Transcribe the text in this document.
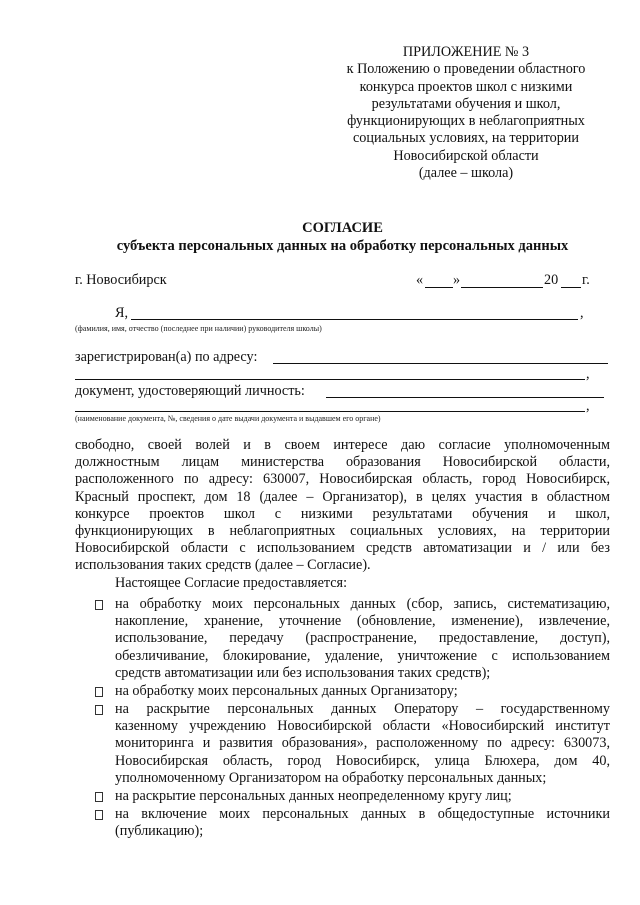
ПРИЛОЖЕНИЕ № 3
к Положению о проведении областного
конкурса проектов школ с низкими
результатами обучения и школ,
функционирующих в неблагоприятных
социальных условиях, на территории
Новосибирской области
(далее – школа)
СОГЛАСИЕ
субъекта персональных данных на обработку персональных данных
г. Новосибирск	« »	20 г.
Я,	,
(фамилия, имя, отчество (последнее при наличии) руководителя школы)
зарегистрирован(а) по адресу:
,
документ, удостоверяющий личность:
,
(наименование документа, №, сведения о дате выдачи документа и выдавшем его органе)
свободно, своей волей и в своем интересе даю согласие уполномоченным
должностным лицам министерства образования Новосибирской области,
расположенного по адресу: 630007, Новосибирская область, город Новосибирск,
Красный проспект, дом 18 (далее – Организатор), в целях участия в областном
конкурсе проектов школ с низкими результатами обучения и школ,
функционирующих в неблагоприятных социальных условиях, на территории
Новосибирской области с использованием средств автоматизации и / или без
использования таких средств (далее – Согласие).
Настоящее Согласие предоставляется:
на обработку моих персональных данных (сбор, запись, систематизацию,
накопление, хранение, уточнение (обновление, изменение), извлечение,
использование, передачу (распространение, предоставление, доступ),
обезличивание, блокирование, удаление, уничтожение с использованием
средств автоматизации или без использования таких средств);
на обработку моих персональных данных Организатору;
на раскрытие персональных данных Оператору – государственному
казенному учреждению Новосибирской области «Новосибирский институт
мониторинга и развития образования», расположенному по адресу: 630073,
Новосибирская область, город Новосибирск, улица Блюхера, дом 40,
уполномоченному Организатором на обработку персональных данных;
на раскрытие персональных данных неопределенному кругу лиц;
на включение моих персональных данных в общедоступные источники
(публикацию);
